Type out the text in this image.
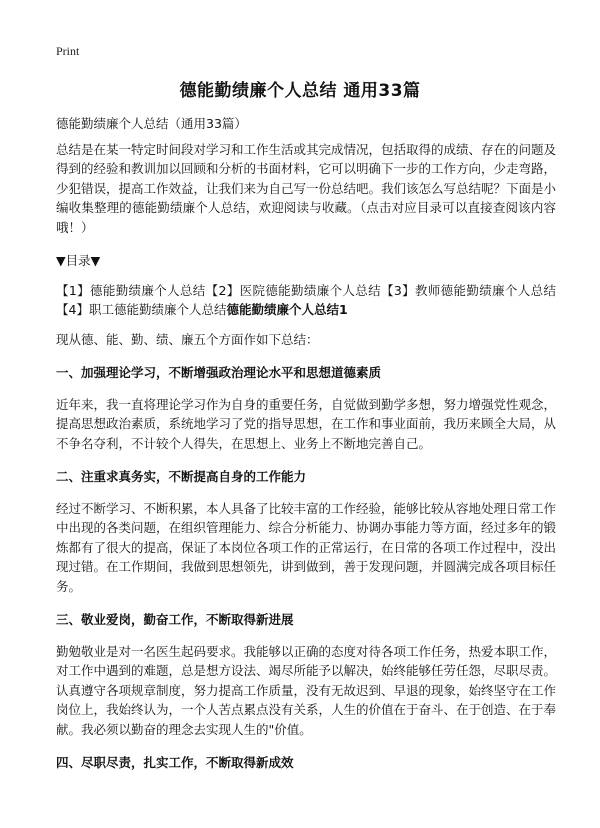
Print
德能勤绩廉个人总结 通用33篇

德能勤绩廉个人总结（通用33篇）

总结是在某一特定时间段对学习和工作生活或其完成情况，包括取得的成绩、存在的问题及得到的经验和教训加以回顾和分析的书面材料，它可以明确下一步的工作方向，少走弯路，少犯错误，提高工作效益，让我们来为自己写一份总结吧。我们该怎么写总结呢？下面是小编收集整理的德能勤绩廉个人总结，欢迎阅读与收藏。（点击对应目录可以直接查阅该内容哦！）

▼目录▼

【1】德能勤绩廉个人总结【2】医院德能勤绩廉个人总结【3】教师德能勤绩廉个人总结【4】职工德能勤绩廉个人总结德能勤绩廉个人总结1

现从德、能、勤、绩、廉五个方面作如下总结：

一、加强理论学习，不断增强政治理论水平和思想道德素质

近年来，我一直将理论学习作为自身的重要任务，自觉做到勤学多想，努力增强党性观念，提高思想政治素质，系统地学习了党的指导思想，在工作和事业面前，我历来顾全大局，从不争名夺利，不计较个人得失，在思想上、业务上不断地完善自己。

二、注重求真务实，不断提高自身的工作能力

经过不断学习、不断积累，本人具备了比较丰富的工作经验，能够比较从容地处理日常工作中出现的各类问题，在组织管理能力、综合分析能力、协调办事能力等方面，经过多年的锻炼都有了很大的提高，保证了本岗位各项工作的正常运行，在日常的各项工作过程中，没出现过错。在工作期间，我做到思想领先，讲到做到，善于发现问题，并圆满完成各项目标任务。

三、敬业爱岗，勤奋工作，不断取得新进展

勤勉敬业是对一名医生起码要求。我能够以正确的态度对待各项工作任务，热爱本职工作，对工作中遇到的难题，总是想方设法、竭尽所能予以解决，始终能够任劳任怨，尽职尽责。认真遵守各项规章制度，努力提高工作质量，没有无故迟到、早退的现象，始终坚守在工作岗位上，我始终认为，一个人苦点累点没有关系，人生的价值在于奋斗、在于创造、在于奉献。我必须以勤奋的理念去实现人生的"价值。

四、尽职尽责，扎实工作，不断取得新成效
